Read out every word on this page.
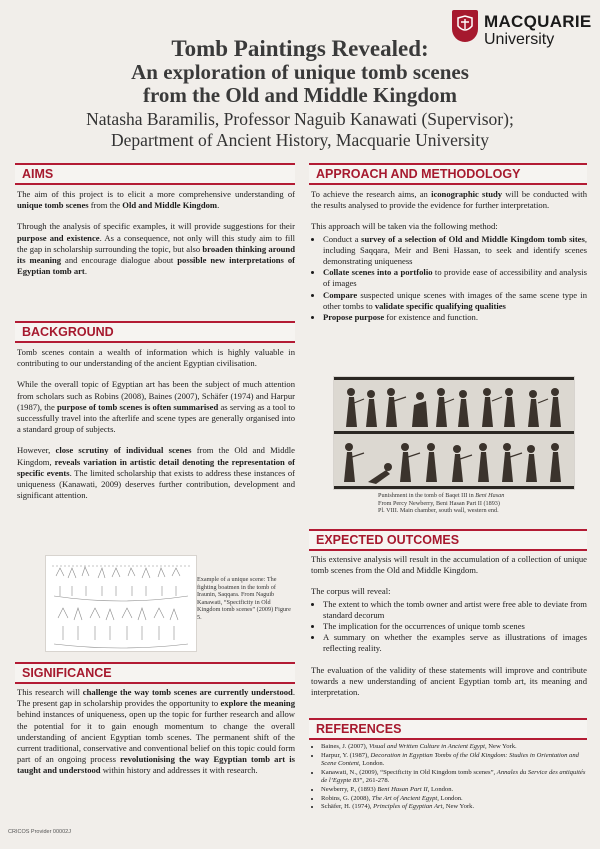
MACQUARIE
University
Tomb Paintings Revealed:
An exploration of unique tomb scenes
from the Old and Middle Kingdom
Natasha Baramilis, Professor Naguib Kanawati (Supervisor);
Department of Ancient History, Macquarie University
AIMS

The aim of this project is to elicit a more comprehensive understanding of unique tomb scenes from the Old and Middle Kingdom.

Through the analysis of specific examples, it will provide suggestions for their purpose and existence. As a consequence, not only will this study aim to fill the gap in scholarship surrounding the topic, but also broaden thinking around its meaning and encourage dialogue about possible new interpretations of Egyptian tomb art.

BACKGROUND

Tomb scenes contain a wealth of information which is highly valuable in contributing to our understanding of the ancient Egyptian civilisation.

While the overall topic of Egyptian art has been the subject of much attention from scholars such as Robins (2008), Baines (2007), Schäfer (1974) and Harpur (1987), the purpose of tomb scenes is often summarised as serving as a tool to successfully travel into the afterlife and scene types are generally organised into a standard group of subjects.

However, close scrutiny of individual scenes from the Old and Middle Kingdom, reveals variation in artistic detail denoting the representation of specific events. The limited scholarship that exists to address these instances of uniqueness (Kanawati, 2009) deserves further contribution, development and significant attention.

Example of a unique scene: The fighting boatmen in the tomb of Iraunin, Saqqara. From Naguib Kanawati, “Specificity in Old Kingdom tomb scenes” (2009) Figure 5.
SIGNIFICANCE

This research will challenge the way tomb scenes are currently understood. The present gap in scholarship provides the opportunity to explore the meaning behind instances of uniqueness, open up the topic for further research and allow the potential for it to gain enough momentum to change the overall understanding of ancient Egyptian tomb scenes. The permanent shift of the current traditional, conservative and conventional belief on this topic could form part of an ongoing process revolutionising the way Egyptian tomb art is taught and understood within history and addresses it with research.

APPROACH AND METHODOLOGY

To achieve the research aims, an iconographic study will be conducted with the results analysed to provide the evidence for further interpretation.

This approach will be taken via the following method:

• Conduct a survey of a selection of Old and Middle Kingdom tomb sites, including Saqqara, Meir and Beni Hassan, to seek and identify scenes demonstrating uniqueness
• Collate scenes into a portfolio to provide ease of accessibility and analysis of images
• Compare suspected unique scenes with images of the same scene type in other tombs to validate specific qualifying qualities
• Propose purpose for existence and function.
Punishment in the tomb of Baqet III in Beni Hasan
From Percy Newberry, Beni Hasan Part II (1893)
Pl. VIII. Main chamber, south wall, western end.
EXPECTED OUTCOMES

This extensive analysis will result in the accumulation of a collection of unique tomb scenes from the Old and Middle Kingdom.

The corpus will reveal:

• The extent to which the tomb owner and artist were free able to deviate from standard decorum
• The implication for the occurrences of unique tomb scenes
• A summary on whether the examples serve as illustrations of images reflecting reality.

The evaluation of the validity of these statements will improve and contribute towards a new understanding of ancient Egyptian tomb art, its meaning and interpretation.

REFERENCES
• Baines, J. (2007), Visual and Written Culture in Ancient Egypt, New York.
• Harpur, Y. (1987), Decoration in Egyptian Tombs of the Old Kingdom: Studies in Orientation and Scene Content, London.
• Kanawati, N., (2009), “Specificity in Old Kingdom tomb scenes”, Annales du Service des antiquités de l’Egypte 83”, 261-278.
• Newberry, P., (1893) Beni Hasan Part II, London.
• Robins, G. (2008), The Art of Ancient Egypt, London.
• Schäfer, H. (1974), Principles of Egyptian Art, New York.
CRICOS Provider 00002J
